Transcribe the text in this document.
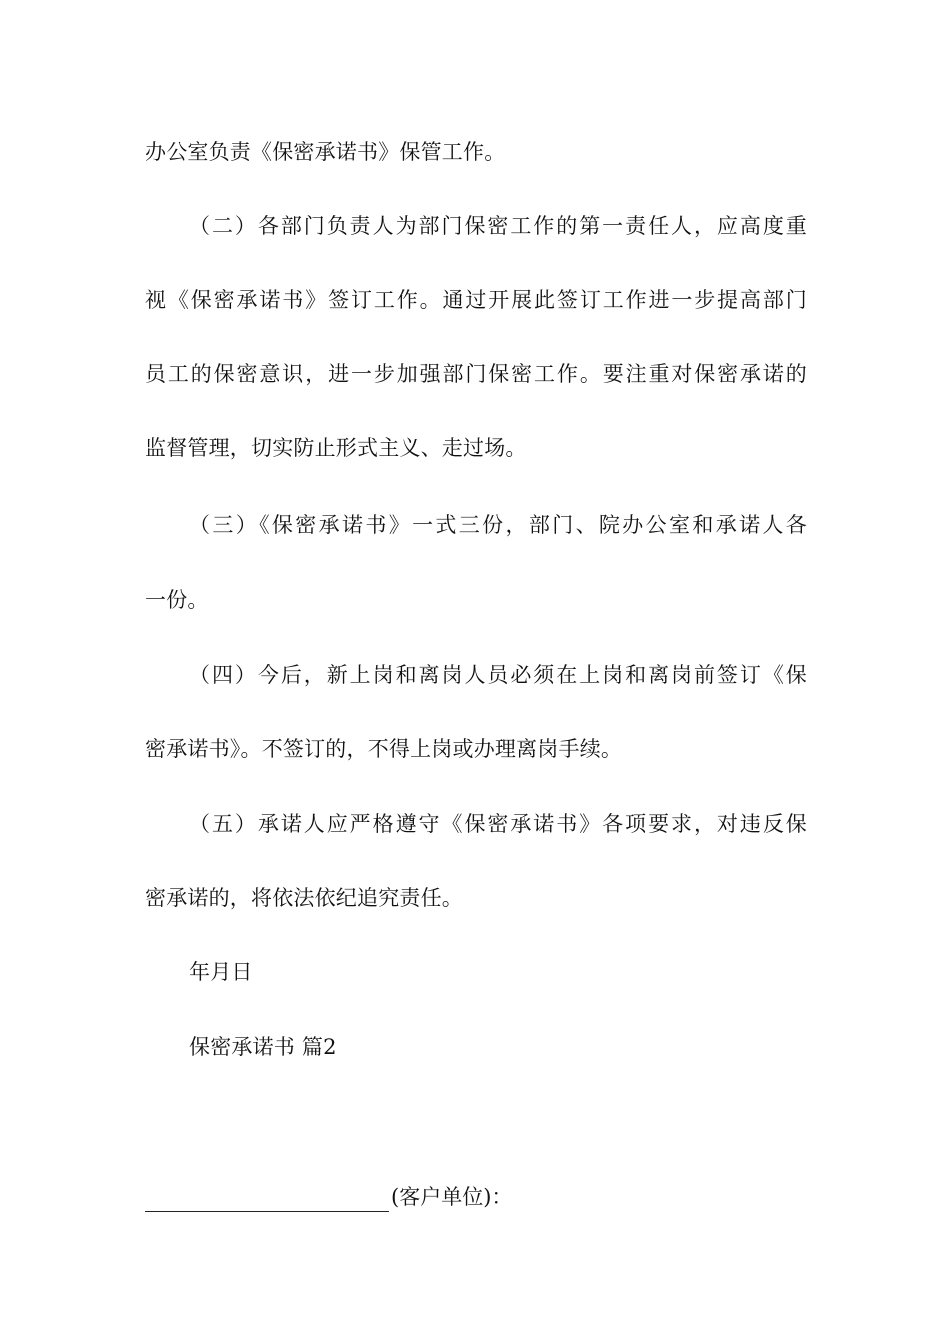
办公室负责《保密承诺书》保管工作。
（二）各部门负责人为部门保密工作的第一责任人，应高度重
视《保密承诺书》签订工作。通过开展此签订工作进一步提高部门
员工的保密意识，进一步加强部门保密工作。要注重对保密承诺的
监督管理，切实防止形式主义、走过场。
（三）《保密承诺书》一式三份，部门、院办公室和承诺人各
一份。
（四）今后，新上岗和离岗人员必须在上岗和离岗前签订《保
密承诺书》。不签订的，不得上岗或办理离岗手续。
（五）承诺人应严格遵守《保密承诺书》各项要求，对违反保
密承诺的，将依法依纪追究责任。
年月日
保密承诺书 篇2
(客户单位)：
